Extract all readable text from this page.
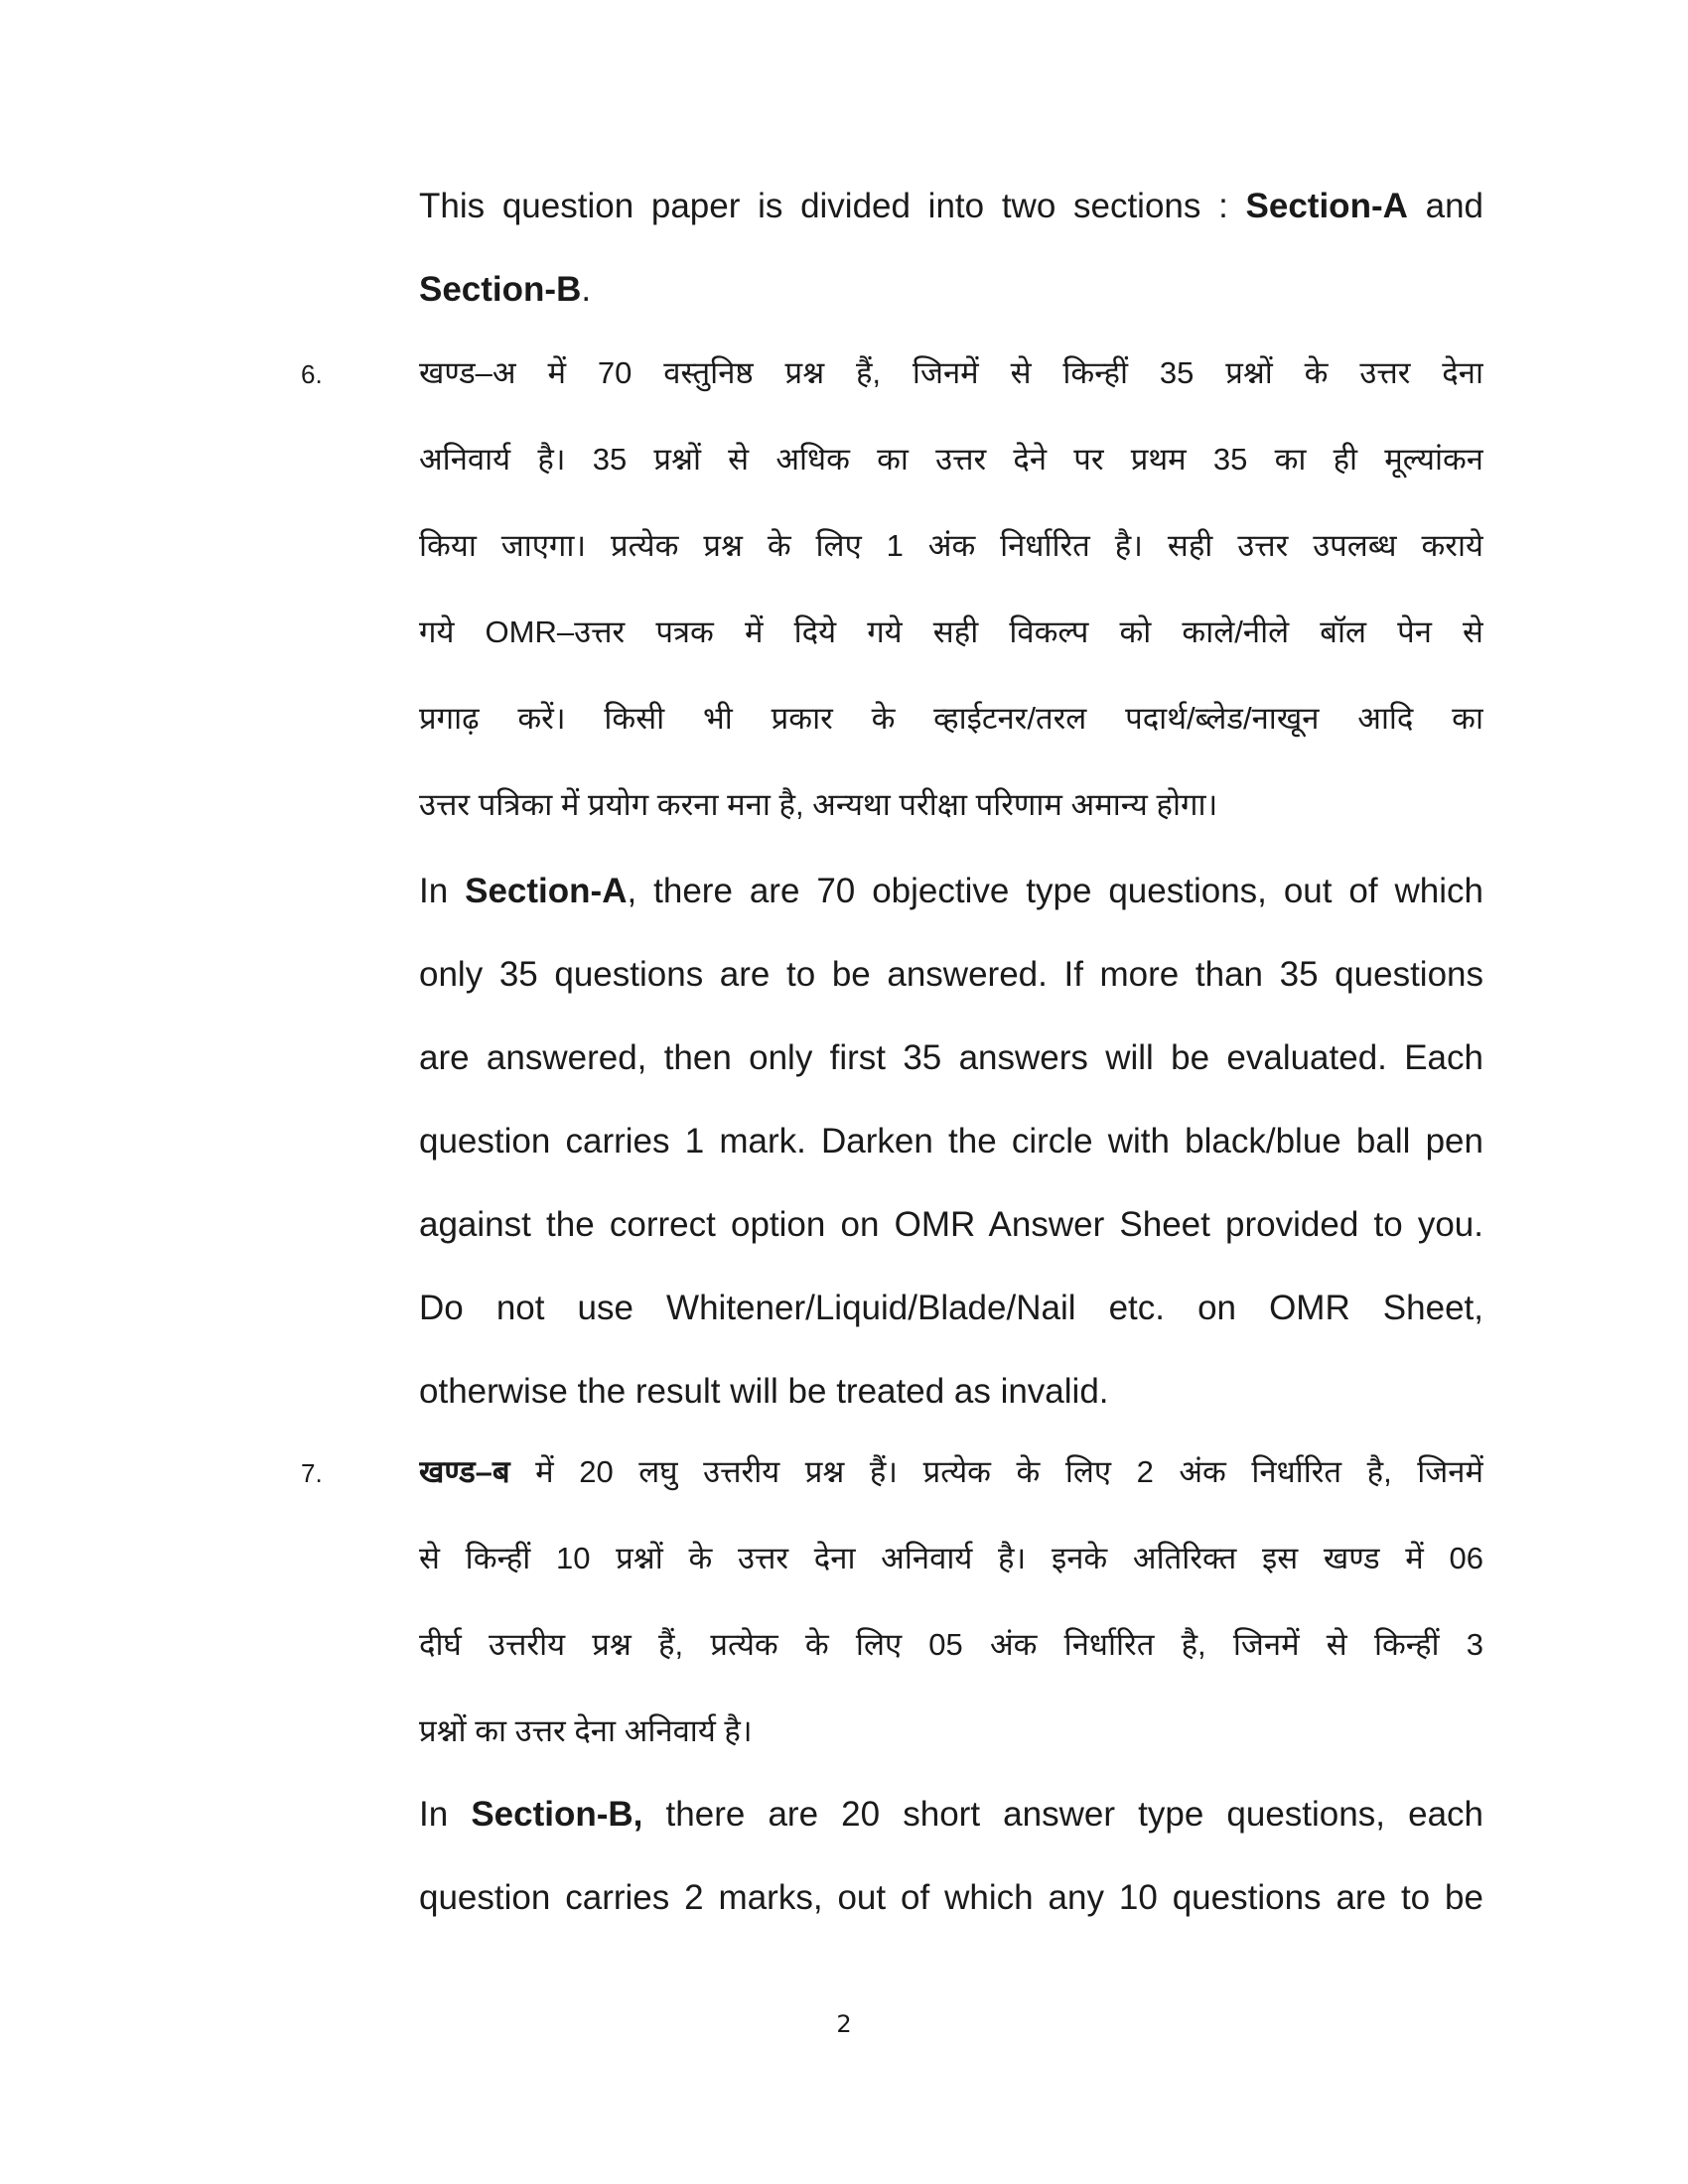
This question paper is divided into two sections : Section-A and
Section-B.
6.	खण्ड–अ में 70 वस्तुनिष्ठ प्रश्न हैं, जिनमें से किन्हीं 35 प्रश्नों के उत्तर देना
अनिवार्य है। 35 प्रश्नों से अधिक का उत्तर देने पर प्रथम 35 का ही मूल्यांकन
किया जाएगा। प्रत्येक प्रश्न के लिए 1 अंक निर्धारित है। सही उत्तर उपलब्ध कराये
गये OMR–उत्तर पत्रक में दिये गये सही विकल्प को काले/नीले बॉल पेन से
प्रगाढ़ करें। किसी भी प्रकार के व्हाईटनर/तरल पदार्थ/ब्लेड/नाखून आदि का
उत्तर पत्रिका में प्रयोग करना मना है, अन्यथा परीक्षा परिणाम अमान्य होगा।
In Section-A, there are 70 objective type questions, out of which
only 35 questions are to be answered. If more than 35 questions
are answered, then only first 35 answers will be evaluated. Each
question carries 1 mark. Darken the circle with black/blue ball pen
against the correct option on OMR Answer Sheet provided to you.
Do not use Whitener/Liquid/Blade/Nail etc. on OMR Sheet,
otherwise the result will be treated as invalid.
7.	खण्ड–ब में 20 लघु उत्तरीय प्रश्न हैं। प्रत्येक के लिए 2 अंक निर्धारित है, जिनमें
से किन्हीं 10 प्रश्नों के उत्तर देना अनिवार्य है। इनके अतिरिक्त इस खण्ड में 06
दीर्घ उत्तरीय प्रश्न हैं, प्रत्येक के लिए 05 अंक निर्धारित है, जिनमें से किन्हीं 3
प्रश्नों का उत्तर देना अनिवार्य है।
In Section-B, there are 20 short answer type questions, each
question carries 2 marks, out of which any 10 questions are to be
2
